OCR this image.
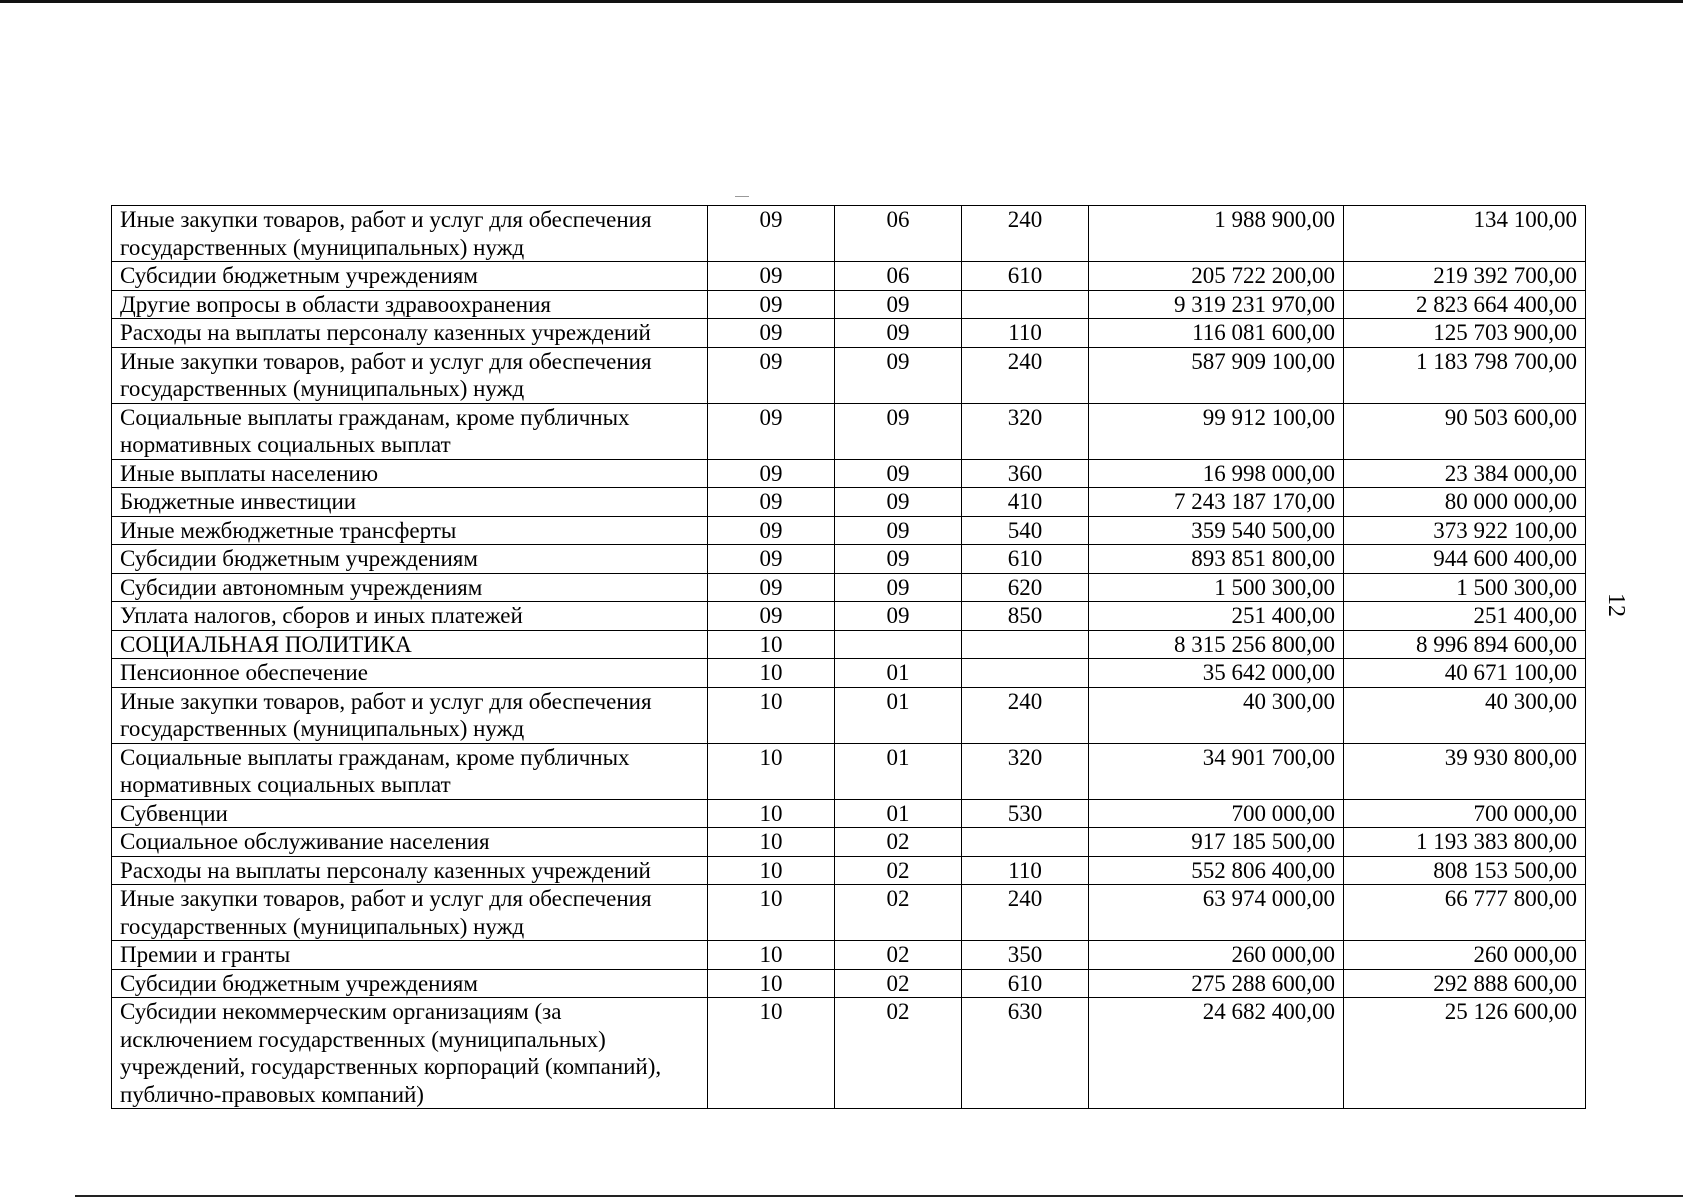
Иные закупки товаров, работ и услуг для обеспечения государственных (муниципальных) нужд	09	06	240	1 988 900,00	134 100,00
Субсидии бюджетным учреждениям	09	06	610	205 722 200,00	219 392 700,00
Другие вопросы в области здравоохранения	09	09		9 319 231 970,00	2 823 664 400,00
Расходы на выплаты персоналу казенных учреждений	09	09	110	116 081 600,00	125 703 900,00
Иные закупки товаров, работ и услуг для обеспечения государственных (муниципальных) нужд	09	09	240	587 909 100,00	1 183 798 700,00
Социальные выплаты гражданам, кроме публичных нормативных социальных выплат	09	09	320	99 912 100,00	90 503 600,00
Иные выплаты населению	09	09	360	16 998 000,00	23 384 000,00
Бюджетные инвестиции	09	09	410	7 243 187 170,00	80 000 000,00
Иные межбюджетные трансферты	09	09	540	359 540 500,00	373 922 100,00
Субсидии бюджетным учреждениям	09	09	610	893 851 800,00	944 600 400,00
Субсидии автономным учреждениям	09	09	620	1 500 300,00	1 500 300,00
Уплата налогов, сборов и иных платежей	09	09	850	251 400,00	251 400,00
СОЦИАЛЬНАЯ ПОЛИТИКА	10			8 315 256 800,00	8 996 894 600,00
Пенсионное обеспечение	10	01		35 642 000,00	40 671 100,00
Иные закупки товаров, работ и услуг для обеспечения государственных (муниципальных) нужд	10	01	240	40 300,00	40 300,00
Социальные выплаты гражданам, кроме публичных нормативных социальных выплат	10	01	320	34 901 700,00	39 930 800,00
Субвенции	10	01	530	700 000,00	700 000,00
Социальное обслуживание населения	10	02		917 185 500,00	1 193 383 800,00
Расходы на выплаты персоналу казенных учреждений	10	02	110	552 806 400,00	808 153 500,00
Иные закупки товаров, работ и услуг для обеспечения государственных (муниципальных) нужд	10	02	240	63 974 000,00	66 777 800,00
Премии и гранты	10	02	350	260 000,00	260 000,00
Субсидии бюджетным учреждениям	10	02	610	275 288 600,00	292 888 600,00
Субсидии некоммерческим организациям (за исключением государственных (муниципальных) учреждений, государственных корпораций (компаний), публично-правовых компаний)	10	02	630	24 682 400,00	25 126 600,00
12
